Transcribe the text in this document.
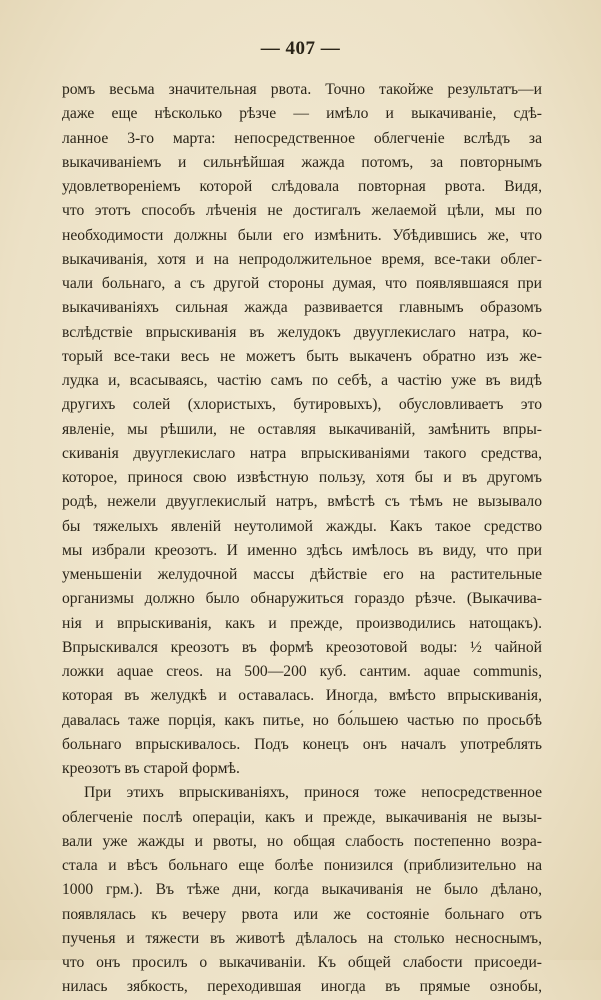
— 407 —
ромъ весьма значительная рвота. Точно такойже результатъ—и
даже еще нѣсколько рѣзче — имѣло и выкачиваніе, сдѣ-
ланное 3-го марта: непосредственное облегченіе вслѣдъ за
выкачиваніемъ и сильнѣйшая жажда потомъ, за повторнымъ
удовлетвореніемъ которой слѣдовала повторная рвота. Видя,
что этотъ способъ лѣченія не достигалъ желаемой цѣли, мы по
необходимости должны были его измѣнить. Убѣдившись же, что
выкачиванія, хотя и на непродолжительное время, все-таки облег-
чали больнаго, а съ другой стороны думая, что появлявшаяся при
выкачиваніяхъ сильная жажда развивается главнымъ образомъ
вслѣдствіе впрыскиванія въ желудокъ двууглекислаго натра, ко-
торый все-таки весь не можетъ быть выкаченъ обратно изъ же-
лудка и, всасываясь, частію самъ по себѣ, а частію уже въ видѣ
другихъ солей (хлористыхъ, бутировыхъ), обусловливаетъ это
явленіе, мы рѣшили, не оставляя выкачиваній, замѣнить впры-
скиванія двууглекислаго натра впрыскиваніями такого средства,
которое, принося свою извѣстную пользу, хотя бы и въ другомъ
родѣ, нежели двууглекислый натръ, вмѣстѣ съ тѣмъ не вызывало
бы тяжелыхъ явленій неутолимой жажды. Какъ такое средство
мы избрали креозотъ. И именно здѣсь имѣлось въ виду, что при
уменьшеніи желудочной массы дѣйствіе его на растительные
организмы должно было обнаружиться гораздо рѣзче. (Выкачива-
нія и впрыскиванія, какъ и прежде, производились натощакъ).
Впрыскивался креозотъ въ формѣ креозотовой воды: ½ чайной
ложки aquae creos. на 500—200 куб. сантим. aquae communis,
которая въ желудкѣ и оставалась. Иногда, вмѣсто впрыскиванія,
давалась таже порція, какъ питье, но бо́льшею частью по просьбѣ
больнаго впрыскивалось. Подъ конецъ онъ началъ употреблять
креозотъ въ старой формѣ.
При этихъ впрыскиваніяхъ, принося тоже непосредственное
облегченіе послѣ операціи, какъ и прежде, выкачиванія не вызы-
вали уже жажды и рвоты, но общая слабость постепенно возра-
стала и вѣсъ больнаго еще болѣе понизился (приблизительно на
1000 грм.). Въ тѣже дни, когда выкачиванія не было дѣлано,
появлялась къ вечеру рвота или же состояніе больнаго отъ
пученья и тяжести въ животѣ дѣлалось на столько несноснымъ,
что онъ просилъ о выкачиваніи. Къ общей слабости присоеди-
нилась зябкость, переходившая иногда въ прямые ознобы,
